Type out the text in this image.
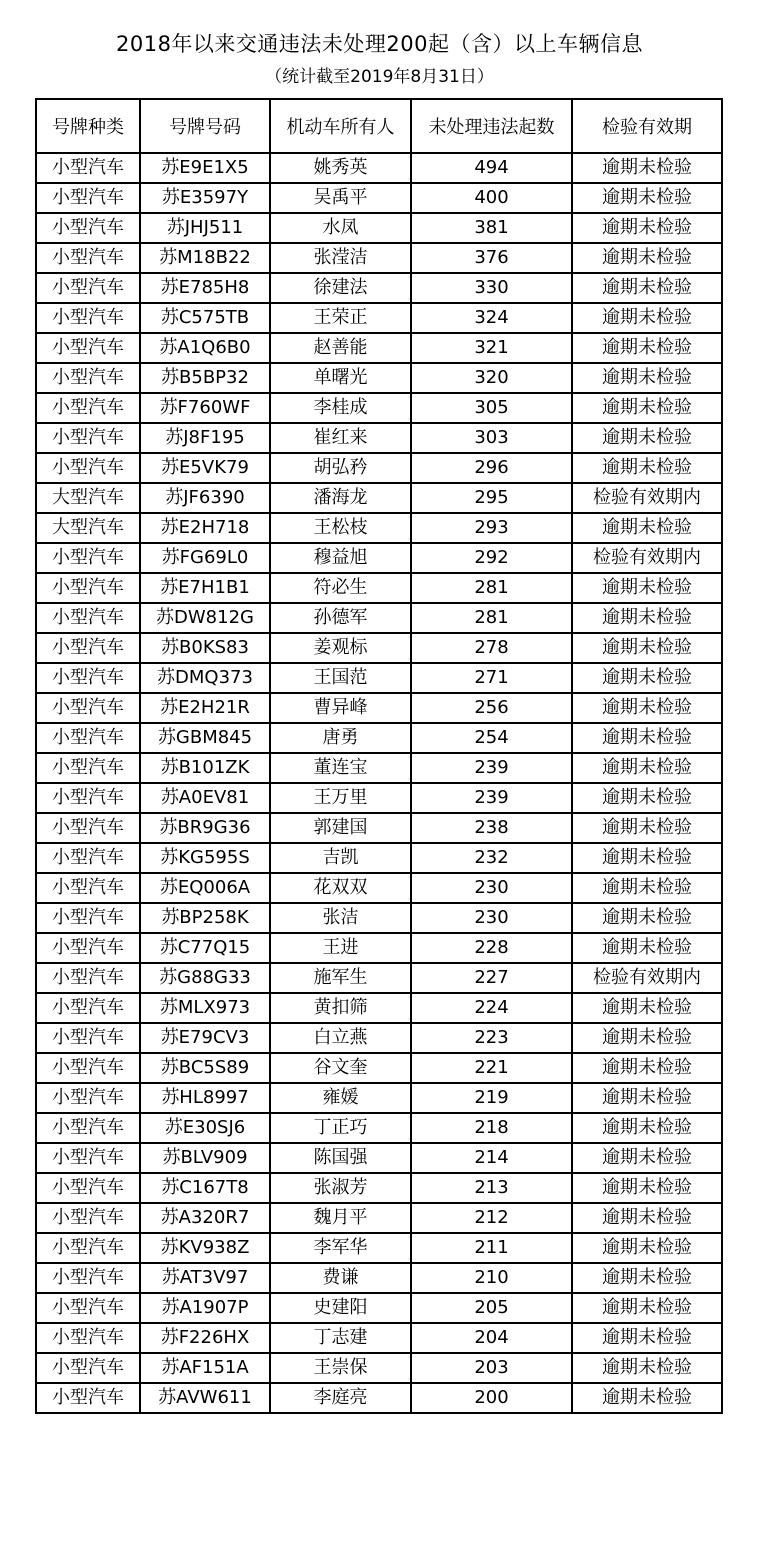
2018年以来交通违法未处理200起（含）以上车辆信息
（统计截至2019年8月31日）
号牌种类	号牌号码	机动车所有人	未处理违法起数	检验有效期
小型汽车	苏E9E1X5	姚秀英	494	逾期未检验
小型汽车	苏E3597Y	吴禹平	400	逾期未检验
小型汽车	苏JHJ511	水凤	381	逾期未检验
小型汽车	苏M18B22	张滢洁	376	逾期未检验
小型汽车	苏E785H8	徐建法	330	逾期未检验
小型汽车	苏C575TB	王荣正	324	逾期未检验
小型汽车	苏A1Q6B0	赵善能	321	逾期未检验
小型汽车	苏B5BP32	单曙光	320	逾期未检验
小型汽车	苏F760WF	李桂成	305	逾期未检验
小型汽车	苏J8F195	崔红来	303	逾期未检验
小型汽车	苏E5VK79	胡弘矜	296	逾期未检验
大型汽车	苏JF6390	潘海龙	295	检验有效期内
大型汽车	苏E2H718	王松枝	293	逾期未检验
小型汽车	苏FG69L0	穆益旭	292	检验有效期内
小型汽车	苏E7H1B1	符必生	281	逾期未检验
小型汽车	苏DW812G	孙德军	281	逾期未检验
小型汽车	苏B0KS83	姜观标	278	逾期未检验
小型汽车	苏DMQ373	王国范	271	逾期未检验
小型汽车	苏E2H21R	曹异峰	256	逾期未检验
小型汽车	苏GBM845	唐勇	254	逾期未检验
小型汽车	苏B101ZK	董连宝	239	逾期未检验
小型汽车	苏A0EV81	王万里	239	逾期未检验
小型汽车	苏BR9G36	郭建国	238	逾期未检验
小型汽车	苏KG595S	吉凯	232	逾期未检验
小型汽车	苏EQ006A	花双双	230	逾期未检验
小型汽车	苏BP258K	张洁	230	逾期未检验
小型汽车	苏C77Q15	王进	228	逾期未检验
小型汽车	苏G88G33	施军生	227	检验有效期内
小型汽车	苏MLX973	黄扣筛	224	逾期未检验
小型汽车	苏E79CV3	白立燕	223	逾期未检验
小型汽车	苏BC5S89	谷文奎	221	逾期未检验
小型汽车	苏HL8997	雍媛	219	逾期未检验
小型汽车	苏E30SJ6	丁正巧	218	逾期未检验
小型汽车	苏BLV909	陈国强	214	逾期未检验
小型汽车	苏C167T8	张淑芳	213	逾期未检验
小型汽车	苏A320R7	魏月平	212	逾期未检验
小型汽车	苏KV938Z	李军华	211	逾期未检验
小型汽车	苏AT3V97	费谦	210	逾期未检验
小型汽车	苏A1907P	史建阳	205	逾期未检验
小型汽车	苏F226HX	丁志建	204	逾期未检验
小型汽车	苏AF151A	王崇保	203	逾期未检验
小型汽车	苏AVW611	李庭亮	200	逾期未检验
